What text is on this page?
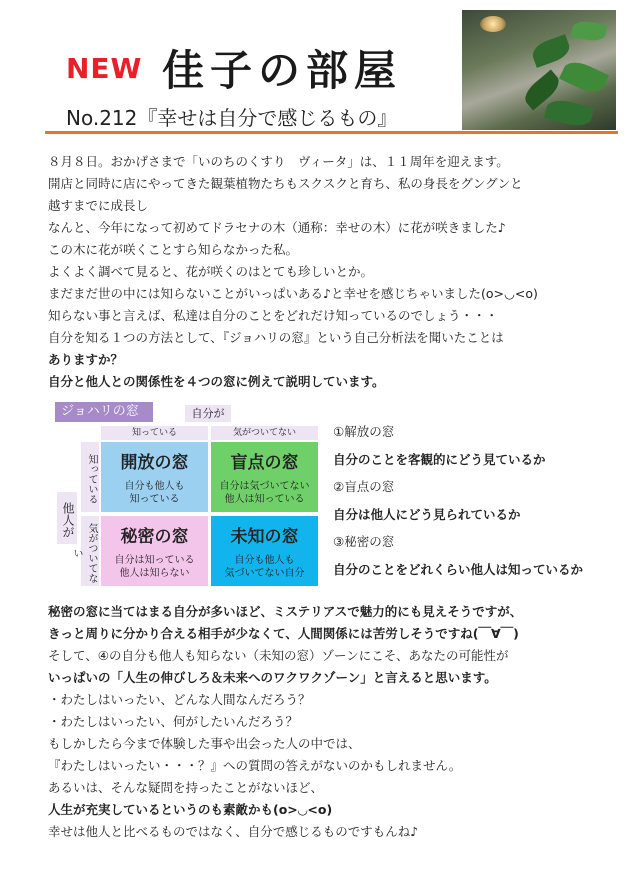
NEW 佳子の部屋
No.212『幸せは自分で感じるもの』
８月８日。おかげさまで「いのちのくすり　ヴィータ」は、１１周年を迎えます。
開店と同時に店にやってきた観葉植物たちもスクスクと育ち、私の身長をグングンと
越すまでに成長し
なんと、今年になって初めてドラセナの木（通称：幸せの木）に花が咲きました♪
この木に花が咲くことすら知らなかった私。
よくよく調べて見ると、花が咲くのはとても珍しいとか。
まだまだ世の中には知らないことがいっぱいある♪と幸せを感じちゃいました(o>◡<o)
知らない事と言えば、私達は自分のことをどれだけ知っているのでしょう・・・
自分を知る１つの方法として、『ジョハリの窓』という自己分析法を聞いたことは
ありますか？
自分と他人との関係性を４つの窓に例えて説明しています。
ジョハリの窓	自分が
知っている	気がついてない
知っている
気がついてない
他人が
開放の窓
自分も他人も
知っている
盲点の窓
自分は気づいてない
他人は知っている
秘密の窓
自分は知っている
他人は知らない
未知の窓
自分も他人も
気づいてない自分
①解放の窓
自分のことを客観的にどう見ているか
②盲点の窓
自分は他人にどう見られているか
③秘密の窓
自分のことをどれくらい他人は知っているか
秘密の窓に当てはまる自分が多いほど、ミステリアスで魅力的にも見えそうですが、
きっと周りに分かり合える相手が少なくて、人間関係には苦労しそうですね(￣∀￣)
そして、④の自分も他人も知らない（未知の窓）ゾーンにこそ、あなたの可能性が
いっぱいの「人生の伸びしろ＆未来へのワクワクゾーン」と言えると思います。
・わたしはいったい、どんな人間なんだろう？
・わたしはいったい、何がしたいんだろう？
もしかしたら今まで体験した事や出会った人の中では、
『わたしはいったい・・・？』への質問の答えがないのかもしれません。
あるいは、そんな疑問を持ったことがないほど、
人生が充実しているというのも素敵かも(o>◡<o)
幸せは他人と比べるものではなく、自分で感じるものですもんね♪
